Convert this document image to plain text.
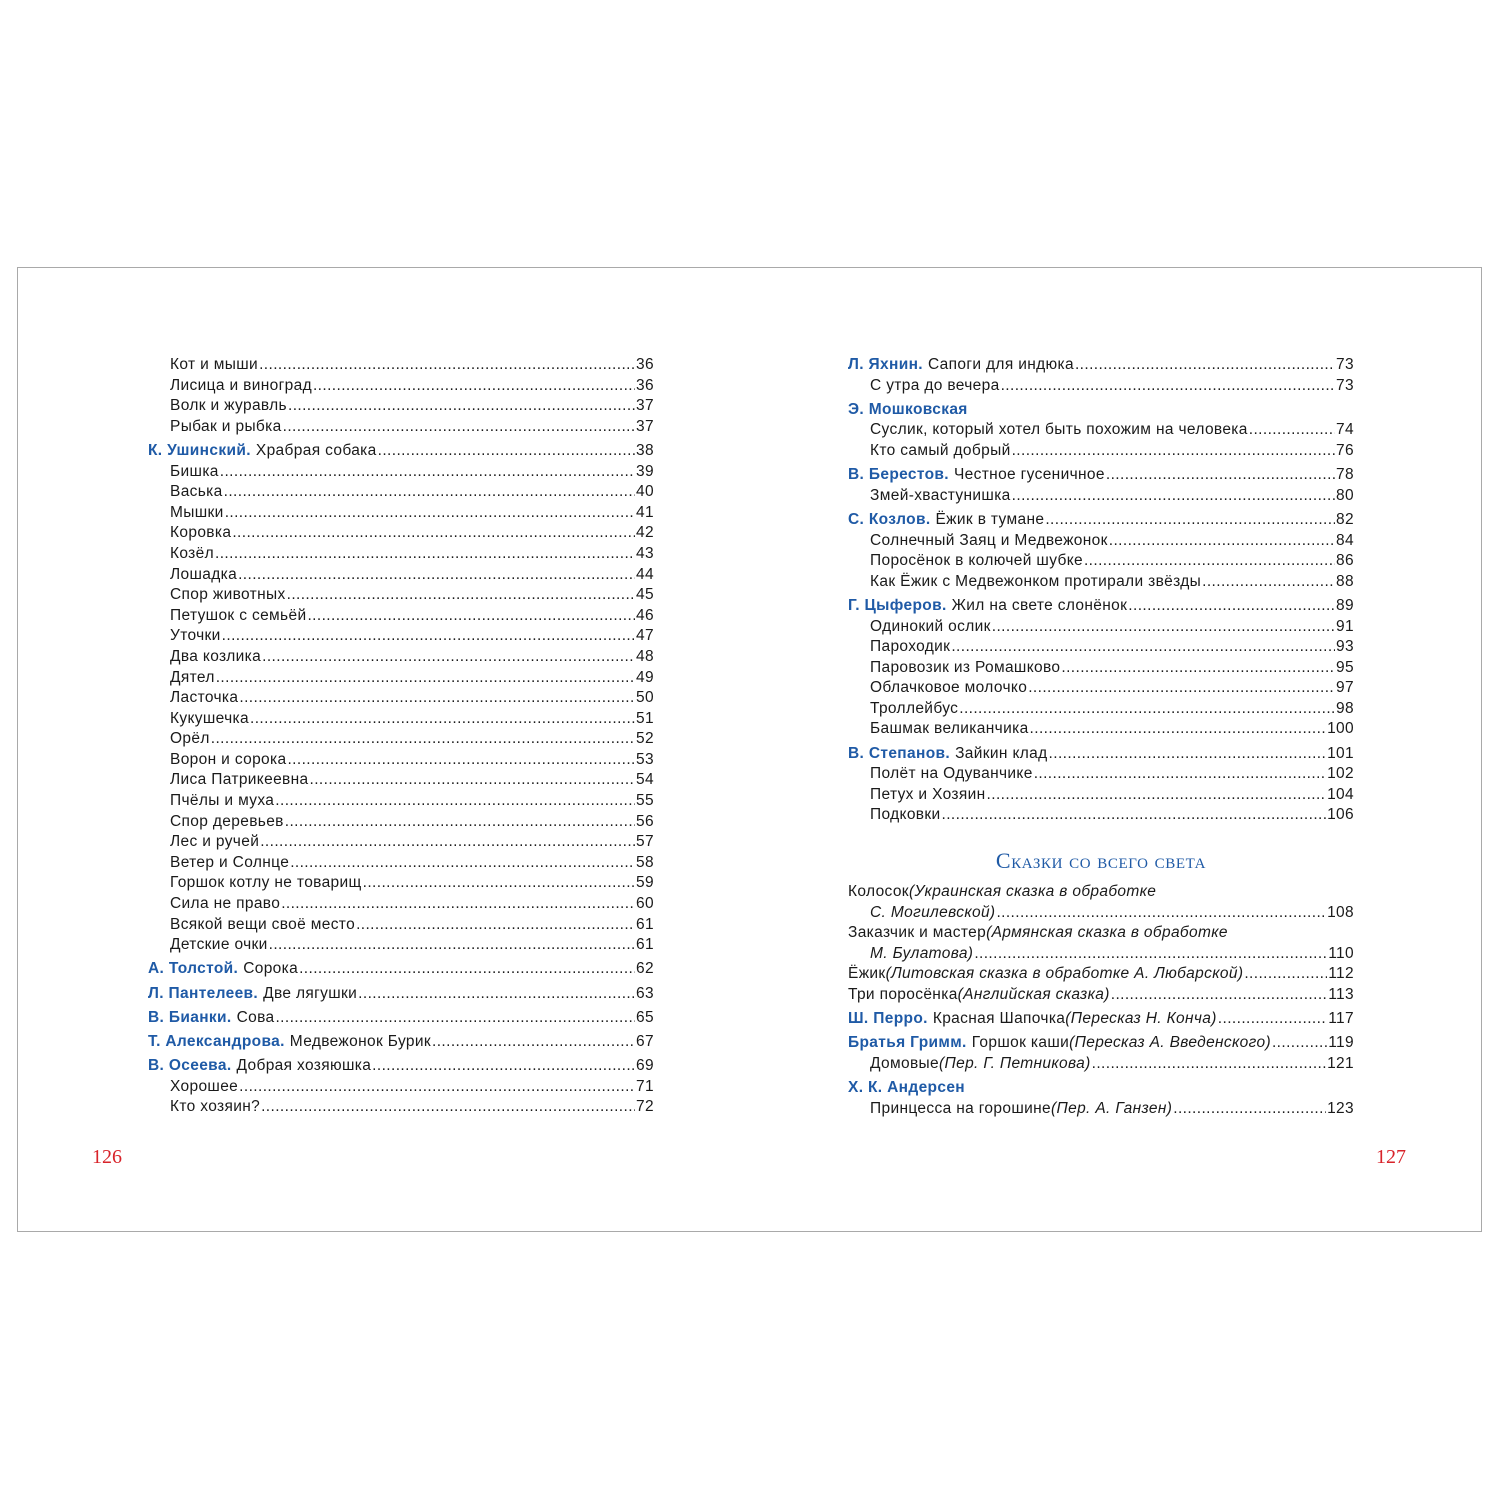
Кот и мыши .....	36
Лисица и виноград .....	36
Волк и журавль .....	37
Рыбак и рыбка .....	37
К. Ушинский. Храбрая собака .....	38
Бишка .....	39
Васька .....	40
Мышки .....	41
Коровка .....	42
Козёл .....	43
Лошадка .....	44
Спор животных .....	45
Петушок с семьёй .....	46
Уточки .....	47
Два козлика .....	48
Дятел .....	49
Ласточка .....	50
Кукушечка .....	51
Орёл .....	52
Ворон и сорока .....	53
Лиса Патрикеевна .....	54
Пчёлы и муха .....	55
Спор деревьев .....	56
Лес и ручей .....	57
Ветер и Солнце .....	58
Горшок котлу не товарищ .....	59
Сила не право .....	60
Всякой вещи своё место .....	61
Детские очки .....	61
А. Толстой. Сорока .....	62
Л. Пантелеев. Две лягушки .....	63
В. Бианки. Сова .....	65
Т. Александрова. Медвежонок Бурик .....	67
В. Осеева. Добрая хозяюшка .....	69
Хорошее .....	71
Кто хозяин? .....	72
Л. Яхнин. Сапоги для индюка .....	73
С утра до вечера .....	73
Э. Мошковская
Суслик, который хотел быть похожим на человека .....	74
Кто самый добрый .....	76
В. Берестов. Честное гусеничное .....	78
Змей-хвастунишка .....	80
С. Козлов. Ёжик в тумане .....	82
Солнечный Заяц и Медвежонок .....	84
Поросёнок в колючей шубке .....	86
Как Ёжик с Медвежонком протирали звёзды .....	88
Г. Цыферов. Жил на свете слонёнок .....	89
Одинокий ослик .....	91
Пароходик .....	93
Паровозик из Ромашково .....	95
Облачковое молочко .....	97
Троллейбус .....	98
Башмак великанчика .....	100
В. Степанов. Зайкин клад .....	101
Полёт на Одуванчике .....	102
Петух и Хозяин .....	104
Подковки .....	106
Сказки со всего света
Колосок (Украинская сказка в обработке
С. Могилевской) .....	108
Заказчик и мастер (Армянская сказка в обработке
М. Булатова) .....	110
Ёжик (Литовская сказка в обработке А. Любарской) .....	112
Три поросёнка (Английская сказка) .....	113
Ш. Перро. Красная Шапочка (Пересказ Н. Конча) .....	117
Братья Гримм. Горшок каши (Пересказ А. Введенского) .....	119
Домовые (Пер. Г. Петникова) .....	121
Х. К. Андерсен
Принцесса на горошине (Пер. А. Ганзен) .....	123
126	127
